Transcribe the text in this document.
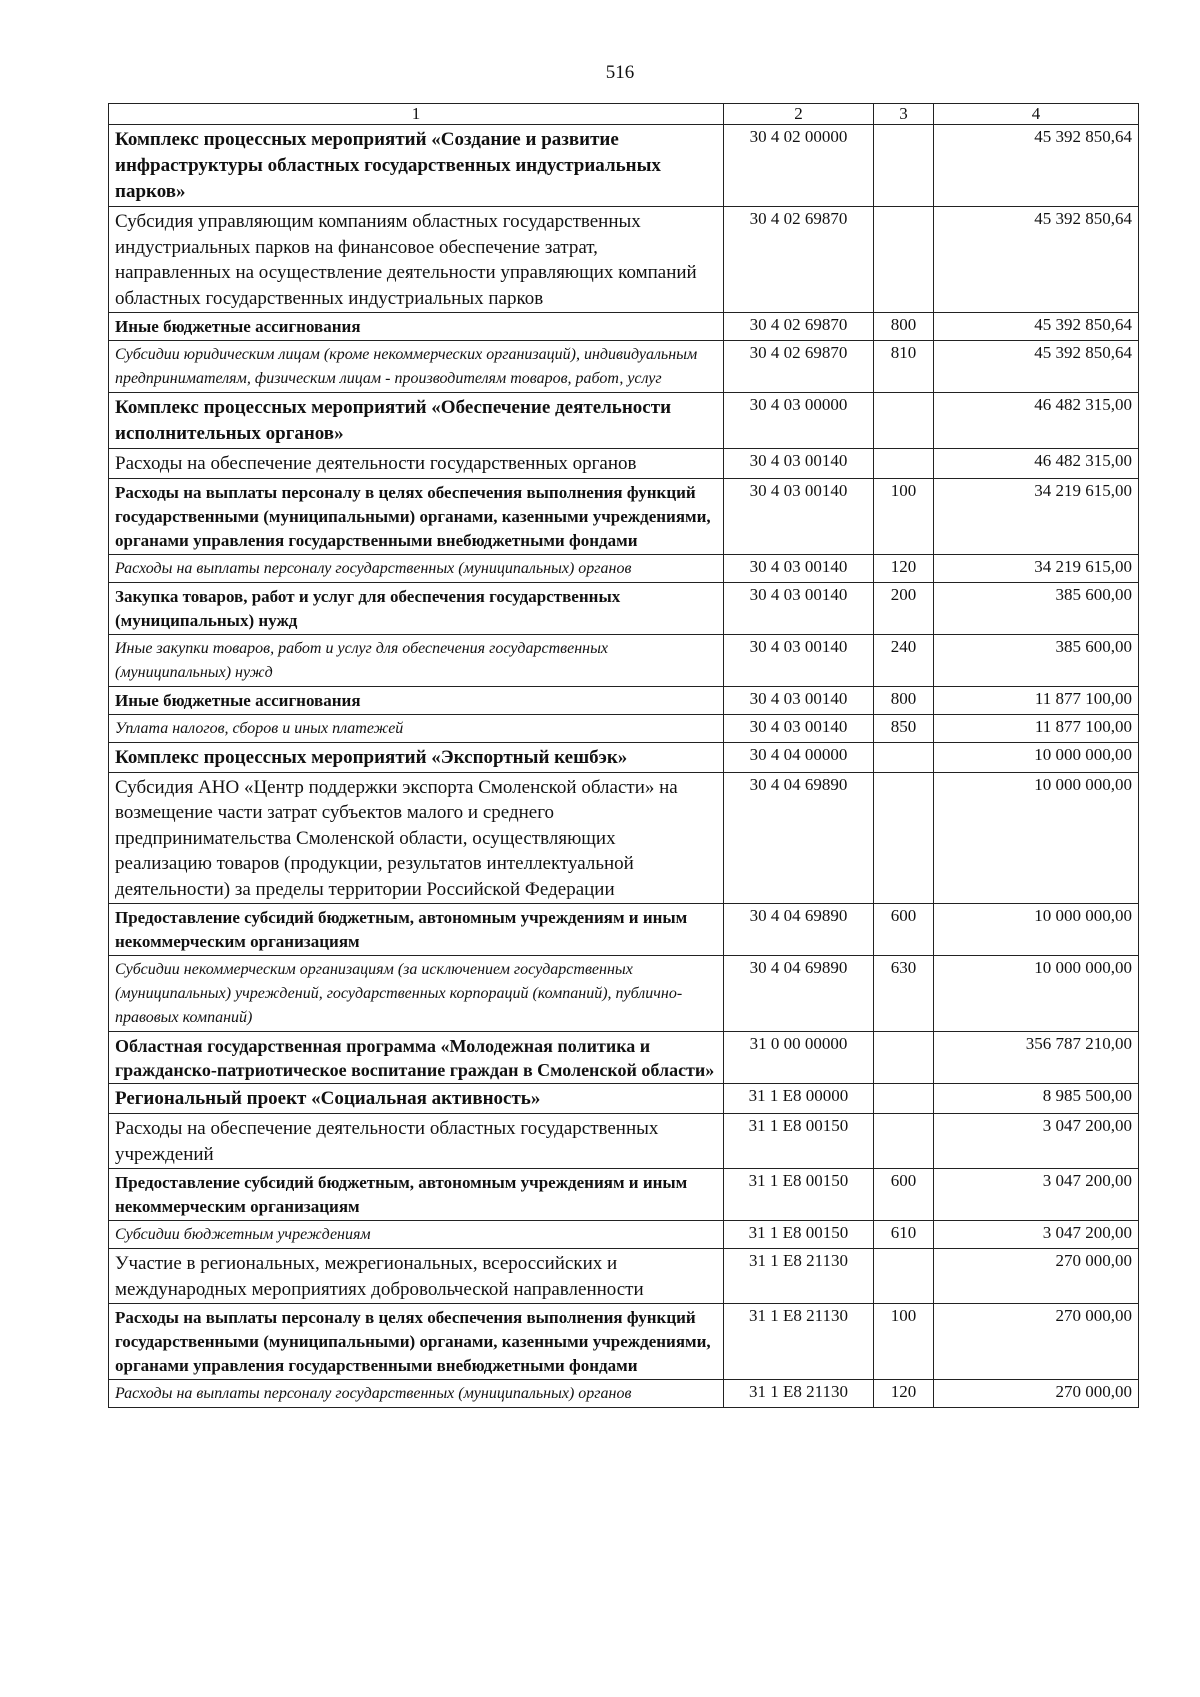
516
1	2	3	4
Комплекс процессных мероприятий «Создание и развитие инфраструктуры областных государственных индустриальных парков»	30 4 02 00000		45 392 850,64
Субсидия управляющим компаниям областных государственных индустриальных парков на финансовое обеспечение затрат, направленных на осуществление деятельности управляющих компаний областных государственных индустриальных парков	30 4 02 69870		45 392 850,64
Иные бюджетные ассигнования	30 4 02 69870	800	45 392 850,64
Субсидии юридическим лицам (кроме некоммерческих организаций), индивидуальным предпринимателям, физическим лицам - производителям товаров, работ, услуг	30 4 02 69870	810	45 392 850,64
Комплекс процессных мероприятий «Обеспечение деятельности исполнительных органов»	30 4 03 00000		46 482 315,00
Расходы на обеспечение деятельности государственных органов	30 4 03 00140		46 482 315,00
Расходы на выплаты персоналу в целях обеспечения выполнения функций государственными (муниципальными) органами, казенными учреждениями, органами управления государственными внебюджетными фондами	30 4 03 00140	100	34 219 615,00
Расходы на выплаты персоналу государственных (муниципальных) органов	30 4 03 00140	120	34 219 615,00
Закупка товаров, работ и услуг для обеспечения государственных (муниципальных) нужд	30 4 03 00140	200	385 600,00
Иные закупки товаров, работ и услуг для обеспечения государственных (муниципальных) нужд	30 4 03 00140	240	385 600,00
Иные бюджетные ассигнования	30 4 03 00140	800	11 877 100,00
Уплата налогов, сборов и иных платежей	30 4 03 00140	850	11 877 100,00
Комплекс процессных мероприятий «Экспортный кешбэк»	30 4 04 00000		10 000 000,00
Субсидия АНО «Центр поддержки экспорта Смоленской области» на возмещение части затрат субъектов малого и среднего предпринимательства Смоленской области, осуществляющих реализацию товаров (продукции, результатов интеллектуальной деятельности) за пределы территории Российской Федерации	30 4 04 69890		10 000 000,00
Предоставление субсидий бюджетным, автономным учреждениям и иным некоммерческим организациям	30 4 04 69890	600	10 000 000,00
Субсидии некоммерческим организациям (за исключением государственных (муниципальных) учреждений, государственных корпораций (компаний), публично-правовых компаний)	30 4 04 69890	630	10 000 000,00
Областная государственная программа «Молодежная политика и гражданско-патриотическое воспитание граждан в Смоленской области»	31 0 00 00000		356 787 210,00
Региональный проект «Социальная активность»	31 1 E8 00000		8 985 500,00
Расходы на обеспечение деятельности областных государственных учреждений	31 1 E8 00150		3 047 200,00
Предоставление субсидий бюджетным, автономным учреждениям и иным некоммерческим организациям	31 1 E8 00150	600	3 047 200,00
Субсидии бюджетным учреждениям	31 1 E8 00150	610	3 047 200,00
Участие в региональных, межрегиональных, всероссийских и международных мероприятиях добровольческой направленности	31 1 E8 21130		270 000,00
Расходы на выплаты персоналу в целях обеспечения выполнения функций государственными (муниципальными) органами, казенными учреждениями, органами управления государственными внебюджетными фондами	31 1 E8 21130	100	270 000,00
Расходы на выплаты персоналу государственных (муниципальных) органов	31 1 E8 21130	120	270 000,00
